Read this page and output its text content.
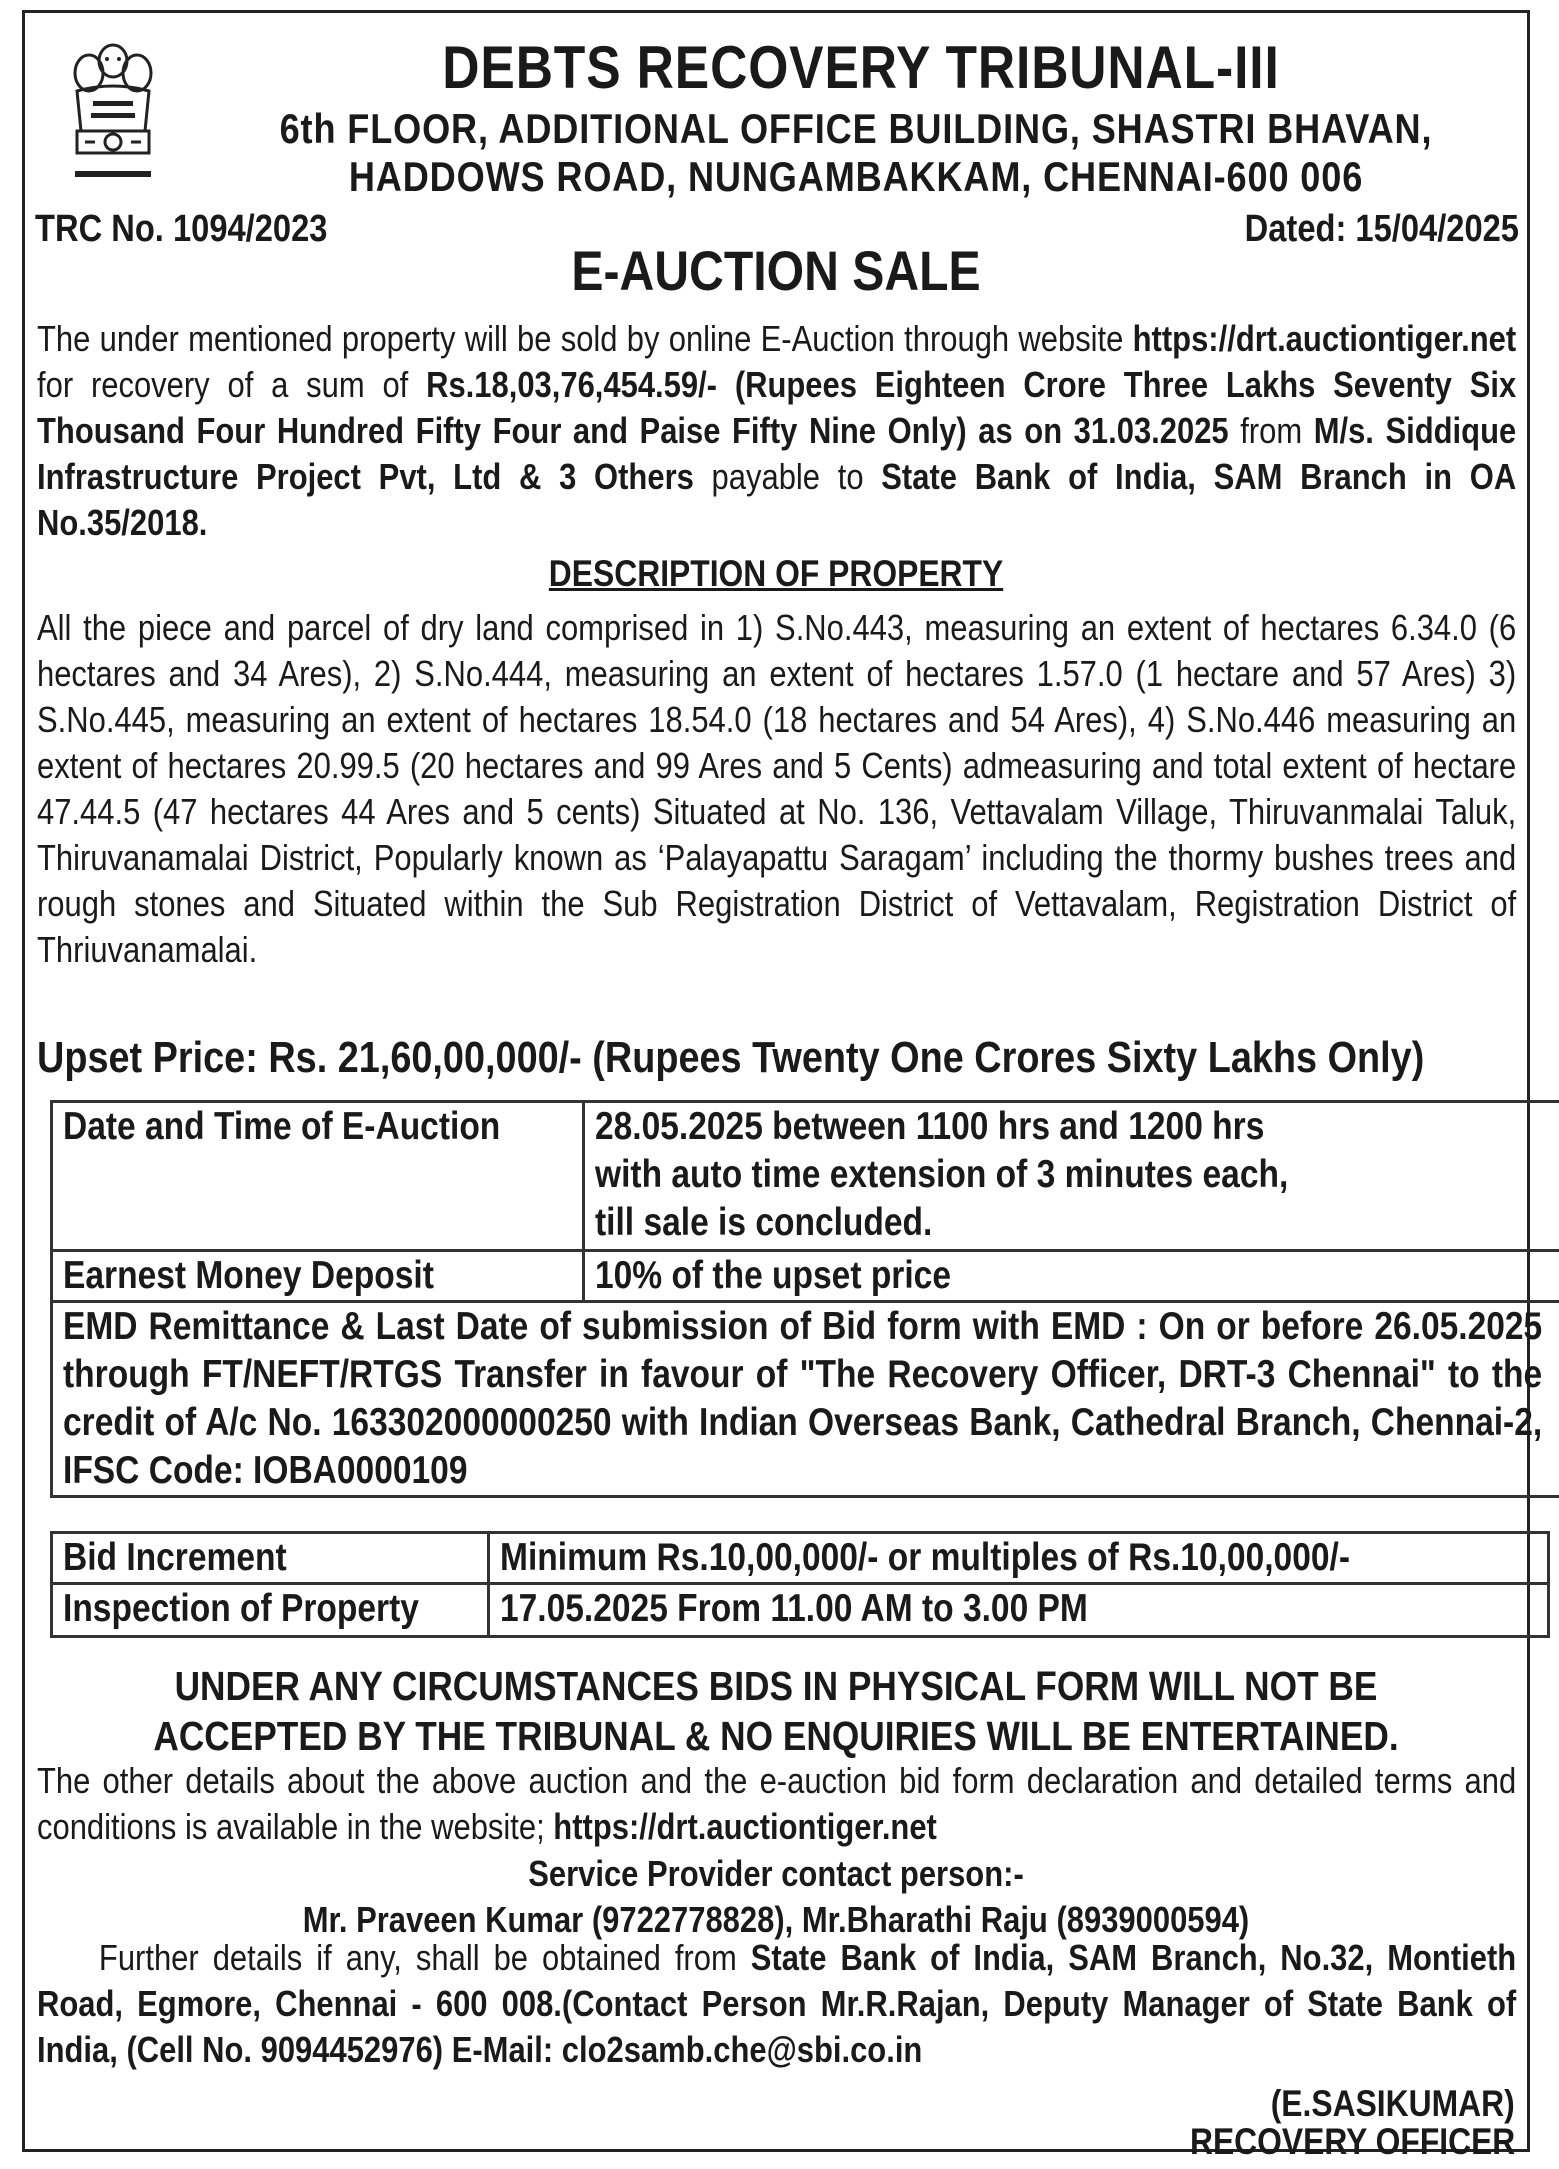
DEBTS RECOVERY TRIBUNAL-III
6th FLOOR, ADDITIONAL OFFICE BUILDING, SHASTRI BHAVAN,
HADDOWS ROAD, NUNGAMBAKKAM, CHENNAI-600 006
TRC No. 1094/2023	Dated: 15/04/2025
E-AUCTION SALE
The under mentioned property will be sold by online E-Auction through website https://drt.auctiontiger.net for recovery of a sum of Rs.18,03,76,454.59/- (Rupees Eighteen Crore Three Lakhs Seventy Six Thousand Four Hundred Fifty Four and Paise Fifty Nine Only) as on 31.03.2025 from M/s. Siddique Infrastructure Project Pvt, Ltd & 3 Others payable to State Bank of India, SAM Branch in OA No.35/2018.
DESCRIPTION OF PROPERTY
All the piece and parcel of dry land comprised in 1) S.No.443, measuring an extent of hectares 6.34.0 (6 hectares and 34 Ares), 2) S.No.444, measuring an extent of hectares 1.57.0 (1 hectare and 57 Ares) 3) S.No.445, measuring an extent of hectares 18.54.0 (18 hectares and 54 Ares), 4) S.No.446 measuring an extent of hectares 20.99.5 (20 hectares and 99 Ares and 5 Cents) admeasuring and total extent of hectare 47.44.5 (47 hectares 44 Ares and 5 cents) Situated at No. 136, Vettavalam Village, Thiruvanmalai Taluk, Thiruvanamalai District, Popularly known as ‘Palayapattu Saragam’ including the thormy bushes trees and rough stones and Situated within the Sub Registration District of Vettavalam, Registration District of Thriuvanamalai.
Upset Price: Rs. 21,60,00,000/- (Rupees Twenty One Crores Sixty Lakhs Only)
Date and Time of E-Auction	28.05.2025 between 1100 hrs and 1200 hrs
with auto time extension of 3 minutes each,
till sale is concluded.

Earnest Money Deposit	10% of the upset price

EMD Remittance & Last Date of submission of Bid form with EMD : On or before 26.05.2025 through FT/NEFT/RTGS Transfer in favour of "The Recovery Officer, DRT-3 Chennai" to the credit of A/c No. 163302000000250 with Indian Overseas Bank, Cathedral Branch, Chennai-2, IFSC Code: IOBA0000109	
Bid Increment	Minimum Rs.10,00,000/- or multiples of Rs.10,00,000/-

Inspection of Property	17.05.2025 From 11.00 AM to 3.00 PM
UNDER ANY CIRCUMSTANCES BIDS IN PHYSICAL FORM WILL NOT BE
ACCEPTED BY THE TRIBUNAL & NO ENQUIRIES WILL BE ENTERTAINED.
The other details about the above auction and the e-auction bid form declaration and detailed terms and conditions is available in the website; https://drt.auctiontiger.net
Service Provider contact person:-
Mr. Praveen Kumar (9722778828), Mr.Bharathi Raju (8939000594)
Further details if any, shall be obtained from State Bank of India, SAM Branch, No.32, Montieth Road, Egmore, Chennai - 600 008.(Contact Person Mr.R.Rajan, Deputy Manager of State Bank of India, (Cell No. 9094452976) E-Mail: clo2samb.che@sbi.co.in
(E.SASIKUMAR)
RECOVERY OFFICER
